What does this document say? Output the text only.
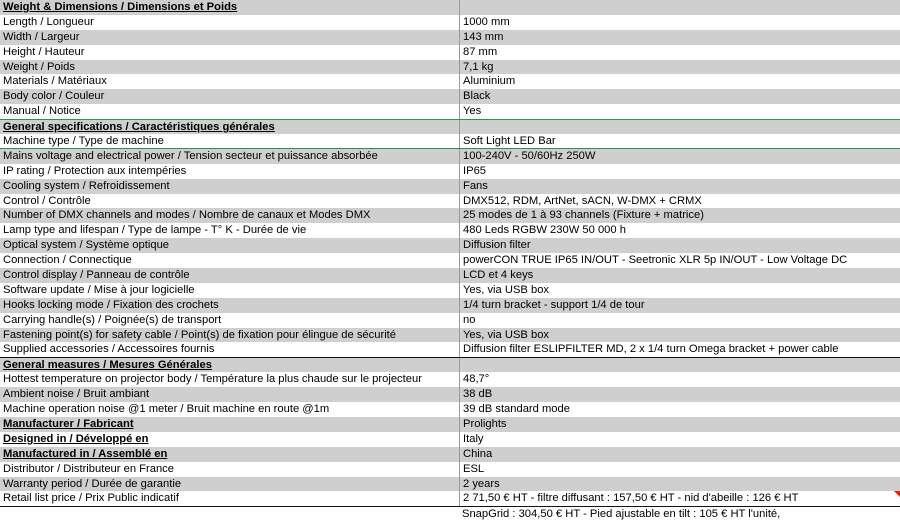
Weight & Dimensions / Dimensions et Poids
Length / Longueur	1000 mm
Width / Largeur	143 mm
Height / Hauteur	87 mm
Weight / Poids	7,1 kg
Materials / Matériaux	Aluminium
Body color / Couleur	Black
Manual / Notice	Yes
General specifications / Caractéristiques générales
Machine type / Type de machine	Soft Light LED Bar
Mains voltage and electrical power / Tension secteur et puissance absorbée	100-240V - 50/60Hz 250W
IP rating / Protection aux intempéries	IP65
Cooling system / Refroidissement	Fans
Control / Contrôle	DMX512, RDM, ArtNet, sACN, W-DMX + CRMX
Number of DMX channels and modes / Nombre de canaux et Modes DMX	25 modes de 1 à 93 channels (Fixture + matrice)
Lamp type and lifespan / Type de lampe - T° K - Durée de vie	480 Leds RGBW 230W 50 000 h
Optical system / Système optique	Diffusion filter
Connection / Connectique	powerCON TRUE IP65 IN/OUT - Seetronic XLR 5p IN/OUT - Low Voltage DC
Control display / Panneau de contrôle	LCD et 4 keys
Software update / Mise à jour logicielle	Yes, via USB box
Hooks locking mode / Fixation des crochets	1/4 turn bracket - support 1/4 de tour
Carrying handle(s) / Poignée(s) de transport	no
Fastening point(s) for safety cable / Point(s) de fixation pour élingue de sécurité	Yes, via USB box
Supplied accessories / Accessoires fournis	Diffusion filter ESLIPFILTER MD, 2 x 1/4 turn Omega bracket + power cable
General measures / Mesures Générales
Hottest temperature on projector body / Température la plus chaude sur le projecteur	48,7°
Ambient noise / Bruit ambiant	38 dB
Machine operation noise @1 meter / Bruit machine en route @1m	39 dB standard mode
Manufacturer / Fabricant	Prolights
Designed in / Développé en	Italy
Manufactured in / Assemblé en	China
Distributor / Distributeur en France	ESL
Warranty period / Durée de garantie	2 years
Retail list price / Prix Public indicatif	2 71,50 € HT - filtre diffusant : 157,50 € HT - nid d'abeille : 126 € HT
SnapGrid : 304,50 € HT - Pied ajustable en tilt : 105 € HT l'unité,
